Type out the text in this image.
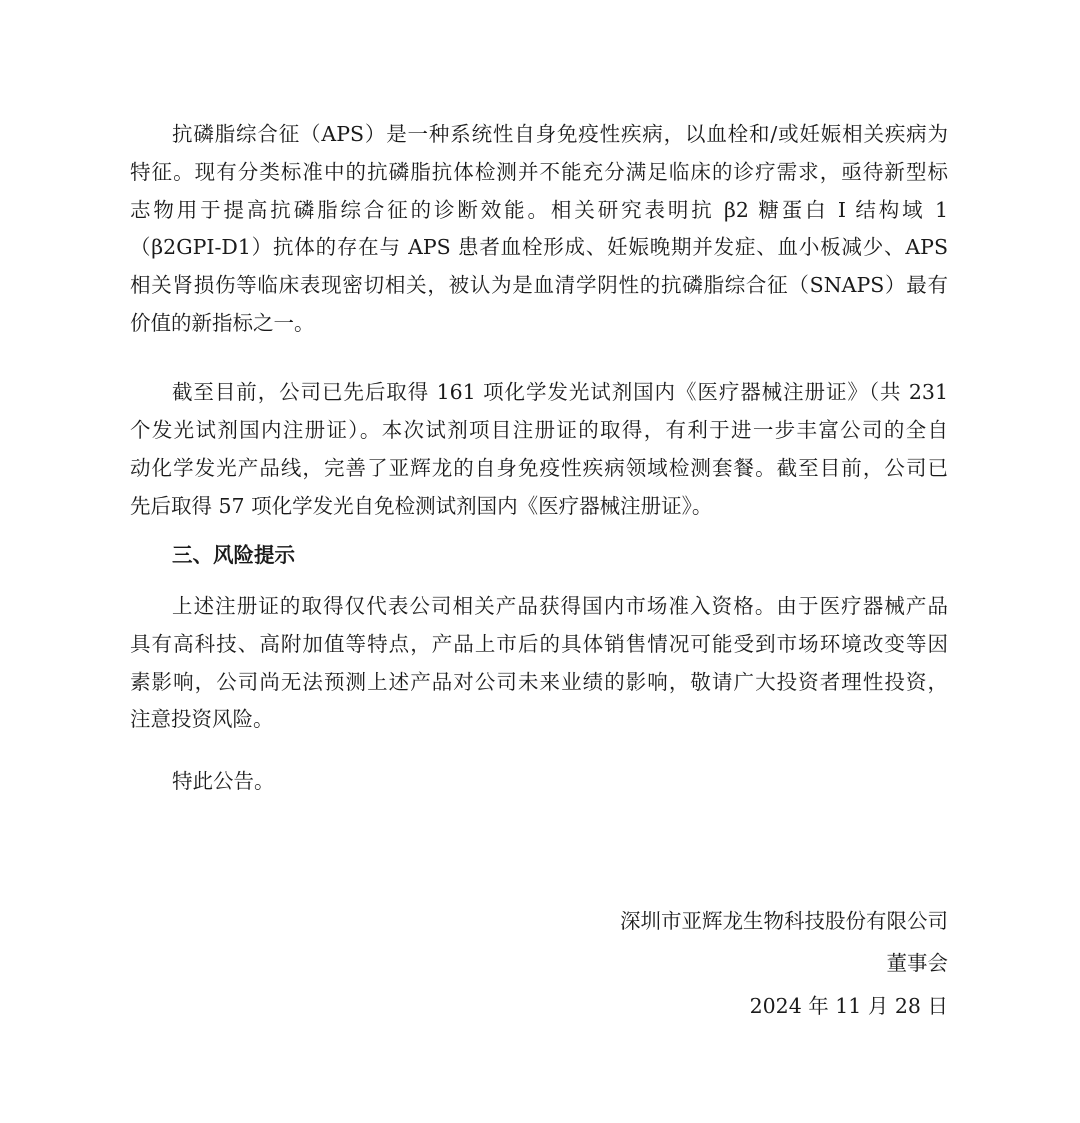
抗磷脂综合征（APS）是一种系统性自身免疫性疾病，以血栓和/或妊娠相关疾病为
特征。现有分类标准中的抗磷脂抗体检测并不能充分满足临床的诊疗需求，亟待新型标
志物用于提高抗磷脂综合征的诊断效能。相关研究表明抗 β2 糖蛋白 I 结构域 1
（β2GPI-D1）抗体的存在与 APS 患者血栓形成、妊娠晚期并发症、血小板减少、APS
相关肾损伤等临床表现密切相关，被认为是血清学阴性的抗磷脂综合征（SNAPS）最有
价值的新指标之一。
截至目前，公司已先后取得 161 项化学发光试剂国内《医疗器械注册证》（共 231
个发光试剂国内注册证）。本次试剂项目注册证的取得，有利于进一步丰富公司的全自
动化学发光产品线，完善了亚辉龙的自身免疫性疾病领域检测套餐。截至目前，公司已
先后取得 57 项化学发光自免检测试剂国内《医疗器械注册证》。
三、风险提示
上述注册证的取得仅代表公司相关产品获得国内市场准入资格。由于医疗器械产品
具有高科技、高附加值等特点，产品上市后的具体销售情况可能受到市场环境改变等因
素影响，公司尚无法预测上述产品对公司未来业绩的影响，敬请广大投资者理性投资，
注意投资风险。
特此公告。
深圳市亚辉龙生物科技股份有限公司
董事会
2024 年 11 月 28 日
